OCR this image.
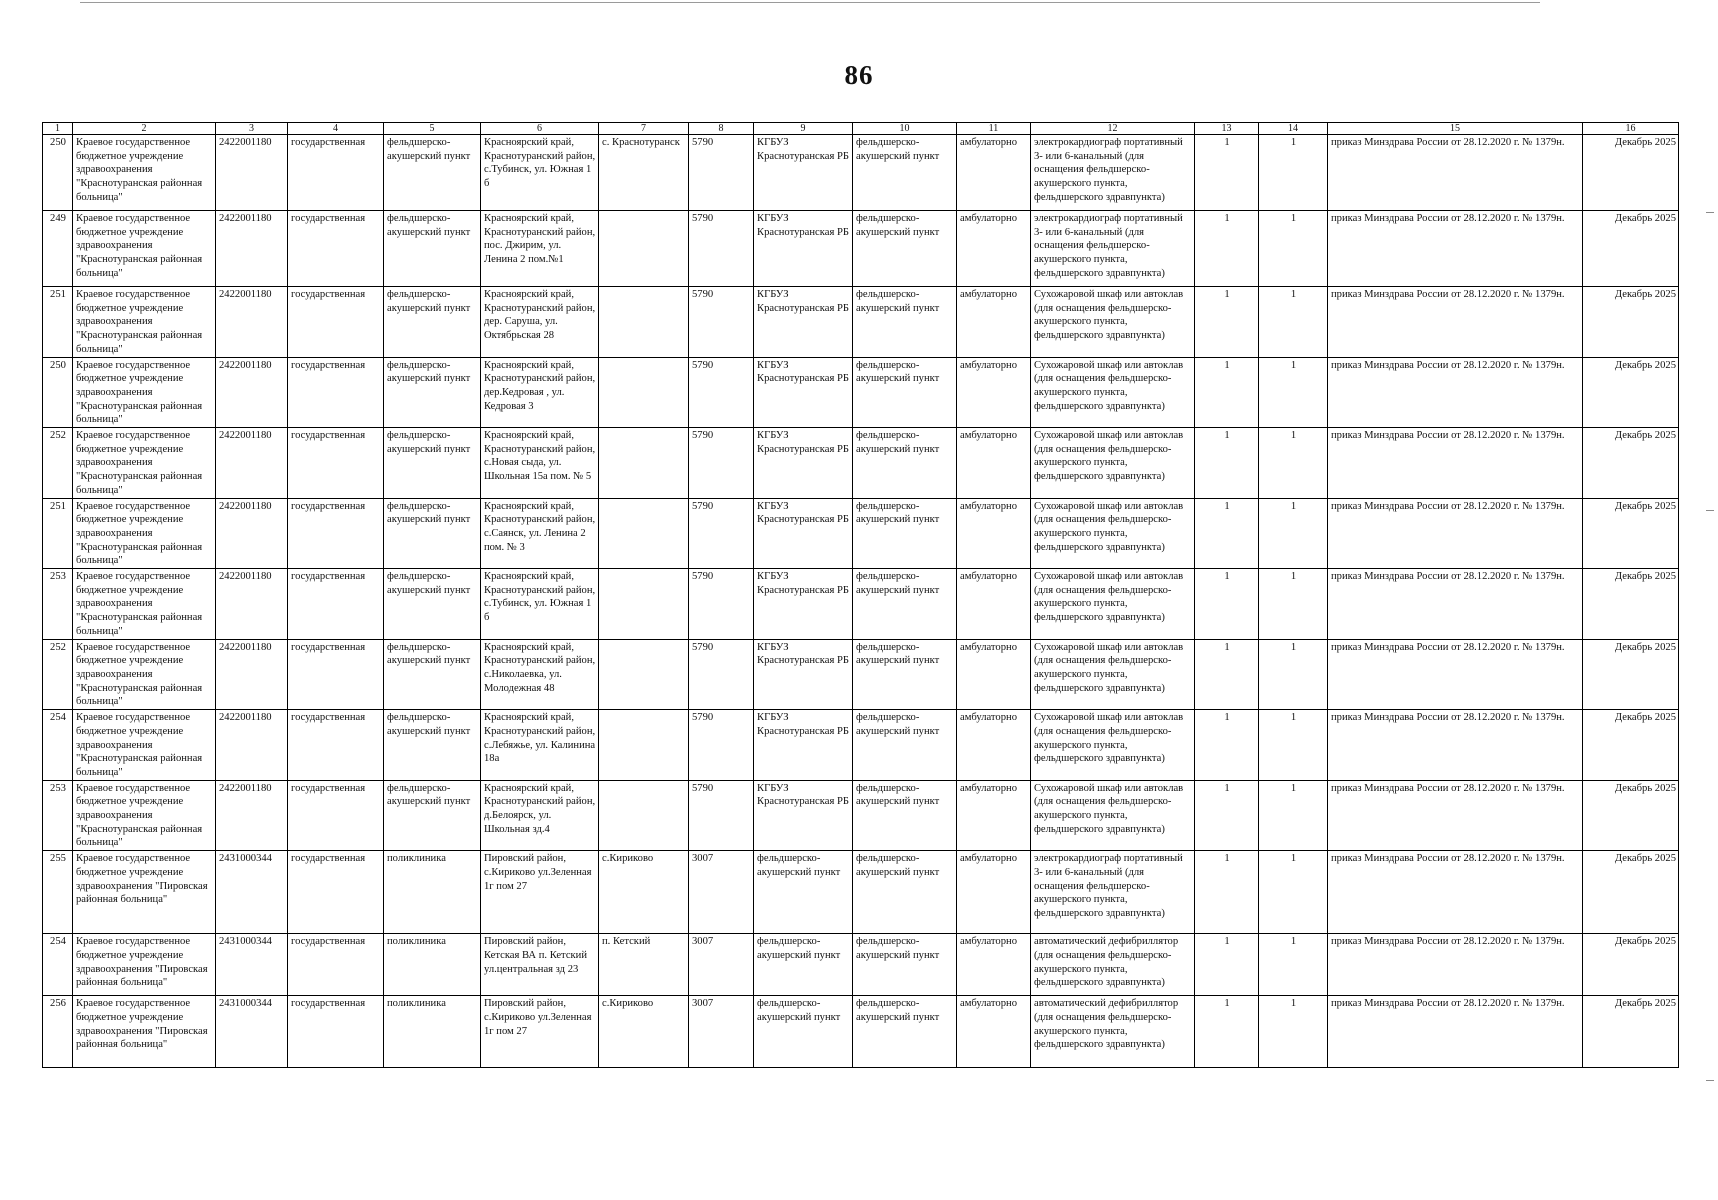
86
1	2	3	4	5	6	7	8	9	10	11	12	13	14	15	16
250	Краевое государственное бюджетное учреждение здравоохранения "Краснотуранская районная больница"	2422001180	государственная	фельдшерско-акушерский пункт	Красноярский край, Краснотуранский район, с.Тубинск, ул. Южная 1 б	с. Краснотуранск	5790	КГБУЗ Краснотуранская РБ	фельдшерско-акушерский пункт	амбулаторно	электрокардиограф портативный 3- или 6-канальный (для оснащения фельдшерско-акушерского пункта, фельдшерского здравпункта)	1	1	приказ Минздрава России от 28.12.2020 г. № 1379н.	Декабрь 2025
249	Краевое государственное бюджетное учреждение здравоохранения "Краснотуранская районная больница"	2422001180	государственная	фельдшерско-акушерский пункт	Красноярский край, Краснотуранский район, пос. Джирим, ул. Ленина 2 пом.№1		5790	КГБУЗ Краснотуранская РБ	фельдшерско-акушерский пункт	амбулаторно	электрокардиограф портативный 3- или 6-канальный (для оснащения фельдшерско-акушерского пункта, фельдшерского здравпункта)	1	1	приказ Минздрава России от 28.12.2020 г. № 1379н.	Декабрь 2025
251	Краевое государственное бюджетное учреждение здравоохранения "Краснотуранская районная больница"	2422001180	государственная	фельдшерско-акушерский пункт	Красноярский край, Краснотуранский район, дер. Саруша, ул. Октябрьская 28		5790	КГБУЗ Краснотуранская РБ	фельдшерско-акушерский пункт	амбулаторно	Сухожаровой шкаф или автоклав (для оснащения фельдшерско-акушерского пункта, фельдшерского здравпункта)	1	1	приказ Минздрава России от 28.12.2020 г. № 1379н.	Декабрь 2025
250	Краевое государственное бюджетное учреждение здравоохранения "Краснотуранская районная больница"	2422001180	государственная	фельдшерско-акушерский пункт	Красноярский край, Краснотуранский район, дер.Кедровая , ул. Кедровая 3		5790	КГБУЗ Краснотуранская РБ	фельдшерско-акушерский пункт	амбулаторно	Сухожаровой шкаф или автоклав (для оснащения фельдшерско-акушерского пункта, фельдшерского здравпункта)	1	1	приказ Минздрава России от 28.12.2020 г. № 1379н.	Декабрь 2025
252	Краевое государственное бюджетное учреждение здравоохранения "Краснотуранская районная больница"	2422001180	государственная	фельдшерско-акушерский пункт	Красноярский край, Краснотуранский район, с.Новая сыда, ул. Школьная 15а пом. № 5		5790	КГБУЗ Краснотуранская РБ	фельдшерско-акушерский пункт	амбулаторно	Сухожаровой шкаф или автоклав (для оснащения фельдшерско-акушерского пункта, фельдшерского здравпункта)	1	1	приказ Минздрава России от 28.12.2020 г. № 1379н.	Декабрь 2025
251	Краевое государственное бюджетное учреждение здравоохранения "Краснотуранская районная больница"	2422001180	государственная	фельдшерско-акушерский пункт	Красноярский край, Краснотуранский район, с.Саянск, ул. Ленина 2 пом. № 3		5790	КГБУЗ Краснотуранская РБ	фельдшерско-акушерский пункт	амбулаторно	Сухожаровой шкаф или автоклав (для оснащения фельдшерско-акушерского пункта, фельдшерского здравпункта)	1	1	приказ Минздрава России от 28.12.2020 г. № 1379н.	Декабрь 2025
253	Краевое государственное бюджетное учреждение здравоохранения "Краснотуранская районная больница"	2422001180	государственная	фельдшерско-акушерский пункт	Красноярский край, Краснотуранский район, с.Тубинск, ул. Южная 1 б		5790	КГБУЗ Краснотуранская РБ	фельдшерско-акушерский пункт	амбулаторно	Сухожаровой шкаф или автоклав (для оснащения фельдшерско-акушерского пункта, фельдшерского здравпункта)	1	1	приказ Минздрава России от 28.12.2020 г. № 1379н.	Декабрь 2025
252	Краевое государственное бюджетное учреждение здравоохранения "Краснотуранская районная больница"	2422001180	государственная	фельдшерско-акушерский пункт	Красноярский край, Краснотуранский район, с.Николаевка, ул. Молодежная 48		5790	КГБУЗ Краснотуранская РБ	фельдшерско-акушерский пункт	амбулаторно	Сухожаровой шкаф или автоклав (для оснащения фельдшерско-акушерского пункта, фельдшерского здравпункта)	1	1	приказ Минздрава России от 28.12.2020 г. № 1379н.	Декабрь 2025
254	Краевое государственное бюджетное учреждение здравоохранения "Краснотуранская районная больница"	2422001180	государственная	фельдшерско-акушерский пункт	Красноярский край, Краснотуранский район, с.Лебяжье, ул. Калинина 18а		5790	КГБУЗ Краснотуранская РБ	фельдшерско-акушерский пункт	амбулаторно	Сухожаровой шкаф или автоклав (для оснащения фельдшерско-акушерского пункта, фельдшерского здравпункта)	1	1	приказ Минздрава России от 28.12.2020 г. № 1379н.	Декабрь 2025
253	Краевое государственное бюджетное учреждение здравоохранения "Краснотуранская районная больница"	2422001180	государственная	фельдшерско-акушерский пункт	Красноярский край, Краснотуранский район, д.Белоярск, ул. Школьная зд.4		5790	КГБУЗ Краснотуранская РБ	фельдшерско-акушерский пункт	амбулаторно	Сухожаровой шкаф или автоклав (для оснащения фельдшерско-акушерского пункта, фельдшерского здравпункта)	1	1	приказ Минздрава России от 28.12.2020 г. № 1379н.	Декабрь 2025
255	Краевое государственное бюджетное учреждение здравоохранения "Пировская районная больница"	2431000344	государственная	поликлиника	Пировский район, с.Кириково ул.Зеленная 1г пом 27	с.Кириково	3007	фельдшерско-акушерский пункт	фельдшерско-акушерский пункт	амбулаторно	электрокардиограф портативный 3- или 6-канальный (для оснащения фельдшерско-акушерского пункта, фельдшерского здравпункта)	1	1	приказ Минздрава России от 28.12.2020 г. № 1379н.	Декабрь 2025
254	Краевое государственное бюджетное учреждение здравоохранения "Пировская районная больница"	2431000344	государственная	поликлиника	Пировский район, Кетская ВА п. Кетский ул.центральная зд 23	п. Кетский	3007	фельдшерско-акушерский пункт	фельдшерско-акушерский пункт	амбулаторно	автоматический дефибриллятор (для оснащения фельдшерско-акушерского пункта, фельдшерского здравпункта)	1	1	приказ Минздрава России от 28.12.2020 г. № 1379н.	Декабрь 2025
256	Краевое государственное бюджетное учреждение здравоохранения "Пировская районная больница"	2431000344	государственная	поликлиника	Пировский район, с.Кириково ул.Зеленная 1г пом 27	с.Кириково	3007	фельдшерско-акушерский пункт	фельдшерско-акушерский пункт	амбулаторно	автоматический дефибриллятор (для оснащения фельдшерско-акушерского пункта, фельдшерского здравпункта)	1	1	приказ Минздрава России от 28.12.2020 г. № 1379н.	Декабрь 2025
